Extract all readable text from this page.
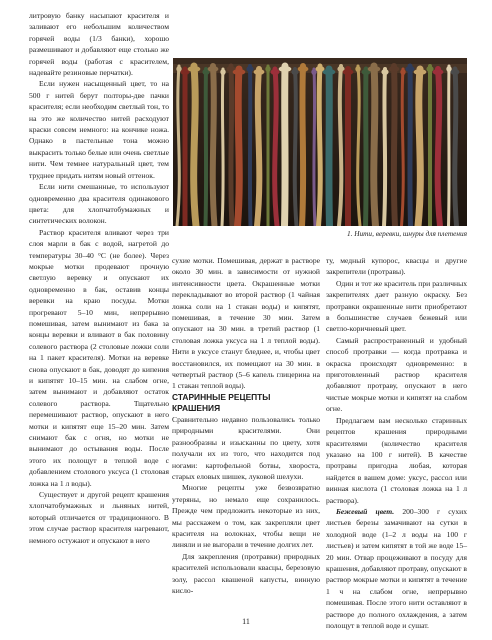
литровую банку насыпают красителя и заливают его небольшим количеством горячей воды (1/3 банки), хорошо размешивают и добавляют еще столько же горячей воды (работая с красителем, надевайте резиновые перчатки).

Если нужен насыщенный цвет, то на 500 г нитей берут полторы-две пачки красителя; если необходим светлый тон, то на это же количество нитей расходуют краски совсем немного: на кончике ножа. Однако в пастельные тона можно выкрасить только белые или очень светлые нити. Чем темнее натуральный цвет, тем труднее придать нитям новый оттенок.

Если нити смешанные, то используют одновременно два красителя одинакового цвета: для хлопчатобумажных и синтетических волокон.

Раствор красителя вливают через три слоя марли в бак с водой, нагретой до температуры 30–40 °С (не более). Через мокрые мотки продевают прочную светлую веревку и опускают их одновременно в бак, оставив концы веревки на краю посуды. Мотки прогревают 5–10 мин, непрерывно помешивая, затем вынимают из бака за концы веревки и вливают в бак половину солевого раствора (2 столовые ложки соли на 1 пакет красителя). Мотки на веревке снова опускают в бак, доводят до кипения и кипятят 10–15 мин. на слабом огне, затем вынимают и добавляют остаток солевого раствора. Тщательно перемешивают раствор, опускают в него мотки и кипятят еще 15–20 мин. Затем снимают бак с огня, но мотки не вынимают до остывания воды. После этого их полощут в теплой воде с добавлением столового уксуса (1 столовая ложка на 1 л воды).

Существует и другой рецепт крашения хлопчатобумажных и льняных нитей, который отличается от традиционного. В этом случае раствор красителя нагревают, немного остужают и опускают в него

1. Нити, веревки, шнуры для плетения

сухие мотки. Помешивая, держат в растворе около 30 мин. в зависимости от нужной интенсивности цвета. Окрашенные мотки перекладывают во второй раствор (1 чайная ложка соли на 1 стакан воды) и кипятят, помешивая, в течение 30 мин. Затем опускают на 30 мин. в третий раствор (1 столовая ложка уксуса на 1 л теплой воды). Нити в уксусе станут бледнее, и, чтобы цвет восстановился, их помещают на 30 мин. в четвертый раствор (5–6 капель глицерина на 1 стакан теплой воды).

СТАРИННЫЕ РЕЦЕПТЫ КРАШЕНИЯ

Сравнительно недавно пользовались только природными красителями. Они разнообразны и изысканны по цвету, хотя получали их из того, что находится под ногами: картофельной ботвы, хвороста, старых еловых шишек, луковой шелухи.

Многие рецепты уже безвозвратно утеряны, но немало еще сохранилось. Прежде чем предложить некоторые из них, мы расскажем о том, как закрепляли цвет красителя на волокнах, чтобы вещи не линяли и не выгорали в течение долгих лет.

Для закрепления (протравки) природных красителей использовали квасцы, березовую золу, рассол квашеной капусты, винную кисло-

ту, медный купорос, квасцы и другие закрепители (протравы).

Один и тот же краситель при различных закрепителях дает разную окраску. Без протравки окрашенные нити приобретают в большинстве случаев бежевый или светло-коричневый цвет.

Самый распространенный и удобный способ протравки — когда протравка и окраска происходят одновременно: в приготовленный раствор красителя добавляют протраву, опускают в него чистые мокрые мотки и кипятят на слабом огне.

Предлагаем вам несколько старинных рецептов крашения природными красителями (количество красителя указано на 100 г нитей). В качестве протравы пригодна любая, которая найдется в вашем доме: уксус, рассол или винная кислота (1 столовая ложка на 1 л раствора).

Бежевый цвет. 200–300 г сухих листьев березы замачивают на сутки в холодной воде (1–2 л воды на 100 г листьев) и затем кипятят в той же воде 15–20 мин. Отвар процеживают в посуду для крашения, добавляют протраву, опускают в раствор мокрые мотки и кипятят в течение 1 ч на слабом огне, непрерывно помешивая. После этого нити оставляют в растворе до полного охлаждения, а затем полощут в теплой воде и сушат.

11
